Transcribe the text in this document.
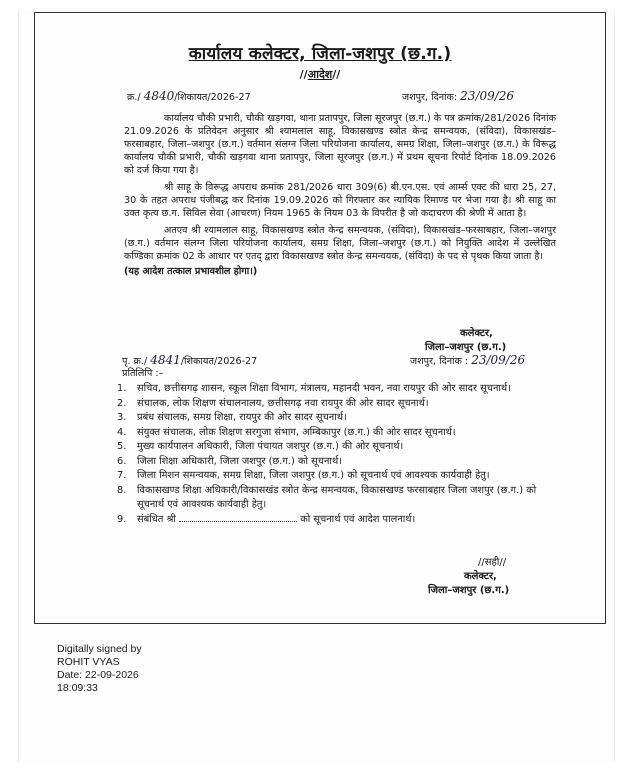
कार्यालय कलेक्टर, जिला-जशपुर (छ.ग.)
//आदेश//
क्र./ 4840/शिकायत/2026-27	जशपुर, दिनांक: 23/09/26

कार्यालय चौकी प्रभारी, चौकी खड़गवा, थाना प्रतापपुर, जिला सूरजपुर (छ.ग.) के पत्र क्रमांक/281/2026 दिनांक 21.09.2026 के प्रतिवेदन अनुसार श्री श्यामलाल साहू, विकासखण्ड स्त्रोत केन्द्र समन्वयक, (संविदा), विकासखंड–फरसाबहार, जिला–जशपुर (छ.ग.) वर्तमान संलग्न जिला परियोजना कार्यालय, समग्र शिक्षा, जिला–जशपुर (छ.ग.) के विरूद्ध कार्यालय चौकी प्रभारी, चौकी खड़गवा थाना प्रतापपुर, जिला सूरजपुर (छ.ग.) में प्रथम सूचना रिपोर्ट दिनांक 18.09.2026 को दर्ज किया गया है।

श्री साहू के विरूद्ध अपराध क्रमांक 281/2026 धारा 309(6) बी.एन.एस. एवं आर्म्स एक्ट की धारा 25, 27, 30 के तहत अपराध पंजीबद्ध कर दिनांक 19.09.2026 को गिरफ्तार कर न्यायिक रिमाण्ड पर भेजा गया है। श्री साहू का उक्त कृत्य छ.ग. सिविल सेवा (आचरण) नियम 1965 के नियम 03 के विपरीत है जो कदाचरण की श्रेणी में आता है।

अतएव श्री श्यामलाल साहू, विकासखण्ड स्त्रोत केन्द्र समन्वयक, (संविदा), विकासखंड–फरसाबहार, जिला–जशपुर (छ.ग.) वर्तमान संलग्न जिला परियोजना कार्यालय, समग्र शिक्षा, जिला–जशपुर (छ.ग.) को नियुक्ति आदेश में उल्लेखित कण्डिका क्रमांक 02 के आधार पर एतद् द्वारा विकासखण्ड स्त्रोत केन्द्र समन्वयक, (संविदा) के पद से पृथक किया जाता है।

(यह आदेश तत्काल प्रभावशील होगा।)
कलेक्टर,
जिला–जशपुर (छ.ग.)
पृ. क्र./ 4841/शिकायत/2026-27	जशपुर, दिनांक : 23/09/26
प्रतिलिपि :–
1. सचिव, छत्तीसगढ़ शासन, स्कूल शिक्षा विभाग, मंत्रालय, महानदी भवन, नवा रायपुर की ओर सादर सूचनार्थ।
2. संचालक, लोक शिक्षण संचालनालय, छत्तीसगढ़ नवा रायपुर की ओर सादर सूचनार्थ।
3. प्रबंध संचालक, समग्र शिक्षा, रायपुर की ओर सादर सूचनार्थ।
4. संयुक्त संचालक, लोक शिक्षण सरगुजा संभाग, अम्बिकापुर (छ.ग.) की ओर सादर सूचनार्थ।
5. मुख्य कार्यपालन अधिकारी, जिला पंचायत जशपुर (छ.ग.) की ओर सूचनार्थ।
6. जिला शिक्षा अधिकारी, जिला जशपुर (छ.ग.) को सूचनार्थ।
7. जिला मिशन समन्वयक, समग्र शिक्षा, जिला जशपुर (छ.ग.) को सूचनार्थ एवं आवश्यक कार्यवाही हेतु।
8. विकासखण्ड शिक्षा अधिकारी/विकासखंड स्त्रोत केन्द्र समन्वयक, विकासखण्ड फरसाबहार जिला जशपुर (छ.ग.) को सूचनार्थ एवं आवश्यक कार्यवाही हेतु।
9. संबंधित श्री	को सूचनार्थ एवं आदेश पालनार्थ।
//सही//
कलेक्टर,
जिला–जशपुर (छ.ग.)
Digitally signed by
ROHIT VYAS
Date: 22-09-2026
18:09:33
